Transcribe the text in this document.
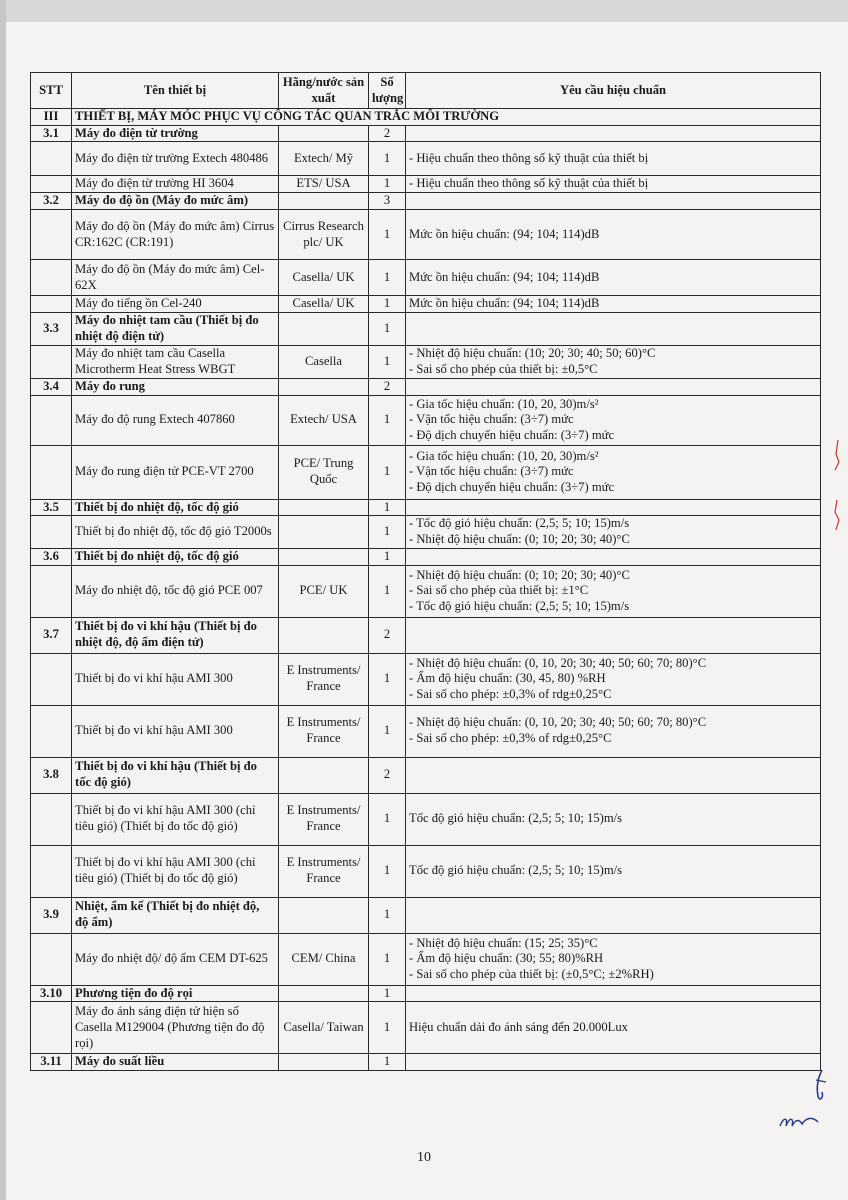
STT	Tên thiết bị	Hãng/nước sản xuất	Số lượng	Yêu cầu hiệu chuẩn
III	THIẾT BỊ, MÁY MÓC PHỤC VỤ CÔNG TÁC QUAN TRẮC MÔI TRƯỜNG			
3.1	Máy đo điện từ trường		2	
	Máy đo điện từ trường Extech 480486	Extech/ Mỹ	1	- Hiệu chuẩn theo thông số kỹ thuật của thiết bị

	Máy đo điện từ trường HI 3604	ETS/ USA	1	- Hiệu chuẩn theo thông số kỹ thuật của thiết bị

3.2	Máy đo độ ồn (Máy đo mức âm)		3	
	Máy đo độ ồn (Máy đo mức âm) Cirrus CR:162C (CR:191)	Cirrus Research plc/ UK	1	Mức ồn hiệu chuẩn: (94; 104; 114)dB

	Máy đo độ ồn (Máy đo mức âm) Cel-62X	Casella/ UK	1	Mức ồn hiệu chuẩn: (94; 104; 114)dB

	Máy đo tiếng ồn Cel-240	Casella/ UK	1	Mức ồn hiệu chuẩn: (94; 104; 114)dB

3.3	Máy đo nhiệt tam cầu (Thiết bị đo nhiệt độ điện tử)		1	
	Máy đo nhiệt tam cầu Casella Microtherm Heat Stress WBGT	Casella	1	- Nhiệt độ hiệu chuẩn: (10; 20; 30; 40; 50; 60)°C
- Sai số cho phép của thiết bị: ±0,5°C

3.4	Máy đo rung		2	
	Máy đo độ rung Extech 407860	Extech/ USA	1	- Gia tốc hiệu chuẩn: (10, 20, 30)m/s²
- Vận tốc hiệu chuẩn: (3÷7) mức
- Độ dịch chuyển hiệu chuẩn: (3÷7) mức

	Máy đo rung điện tử PCE-VT 2700	PCE/ Trung Quốc	1	- Gia tốc hiệu chuẩn: (10, 20, 30)m/s²
- Vận tốc hiệu chuẩn: (3÷7) mức
- Độ dịch chuyển hiệu chuẩn: (3÷7) mức

3.5	Thiết bị đo nhiệt độ, tốc độ gió		1	
	Thiết bị đo nhiệt độ, tốc độ gió T2000s		1	- Tốc độ gió hiệu chuẩn: (2,5; 5; 10; 15)m/s
- Nhiệt độ hiệu chuẩn: (0; 10; 20; 30; 40)°C

3.6	Thiết bị đo nhiệt độ, tốc độ gió		1	
	Máy đo nhiệt độ, tốc độ gió PCE 007	PCE/ UK	1	- Nhiệt độ hiệu chuẩn: (0; 10; 20; 30; 40)°C
- Sai số cho phép của thiết bị: ±1°C
- Tốc độ gió hiệu chuẩn: (2,5; 5; 10; 15)m/s

3.7	Thiết bị đo vi khí hậu (Thiết bị đo nhiệt độ, độ ẩm điện tử)		2	
	Thiết bị đo vi khí hậu AMI 300	E Instruments/ France	1	- Nhiệt độ hiệu chuẩn: (0, 10, 20; 30; 40; 50; 60; 70; 80)°C
- Ẩm độ hiệu chuẩn: (30, 45, 80) %RH
- Sai số cho phép: ±0,3% of rdg±0,25°C

	Thiết bị đo vi khí hậu AMI 300	E Instruments/ France	1	- Nhiệt độ hiệu chuẩn: (0, 10, 20; 30; 40; 50; 60; 70; 80)°C
- Sai số cho phép: ±0,3% of rdg±0,25°C

3.8	Thiết bị đo vi khí hậu (Thiết bị đo tốc độ gió)		2	
	Thiết bị đo vi khí hậu AMI 300 (chỉ tiêu gió) (Thiết bị đo tốc độ gió)	E Instruments/ France	1	Tốc độ gió hiệu chuẩn: (2,5; 5; 10; 15)m/s

	Thiết bị đo vi khí hậu AMI 300 (chỉ tiêu gió) (Thiết bị đo tốc độ gió)	E Instruments/ France	1	Tốc độ gió hiệu chuẩn: (2,5; 5; 10; 15)m/s

3.9	Nhiệt, ẩm kế (Thiết bị đo nhiệt độ, độ ẩm)		1	
	Máy đo nhiệt độ/ độ ẩm CEM DT-625	CEM/ China	1	- Nhiệt độ hiệu chuẩn: (15; 25; 35)°C
- Ẩm độ hiệu chuẩn: (30; 55; 80)%RH
- Sai số cho phép của thiết bị: (±0,5°C; ±2%RH)

3.10	Phương tiện đo độ rọi		1	
	Máy đo ánh sáng điện tử hiện số Casella M129004 (Phương tiện đo độ rọi)	Casella/ Taiwan	1	Hiệu chuẩn dải đo ánh sáng đến 20.000Lux

3.11	Máy đo suất liều		1	
10
